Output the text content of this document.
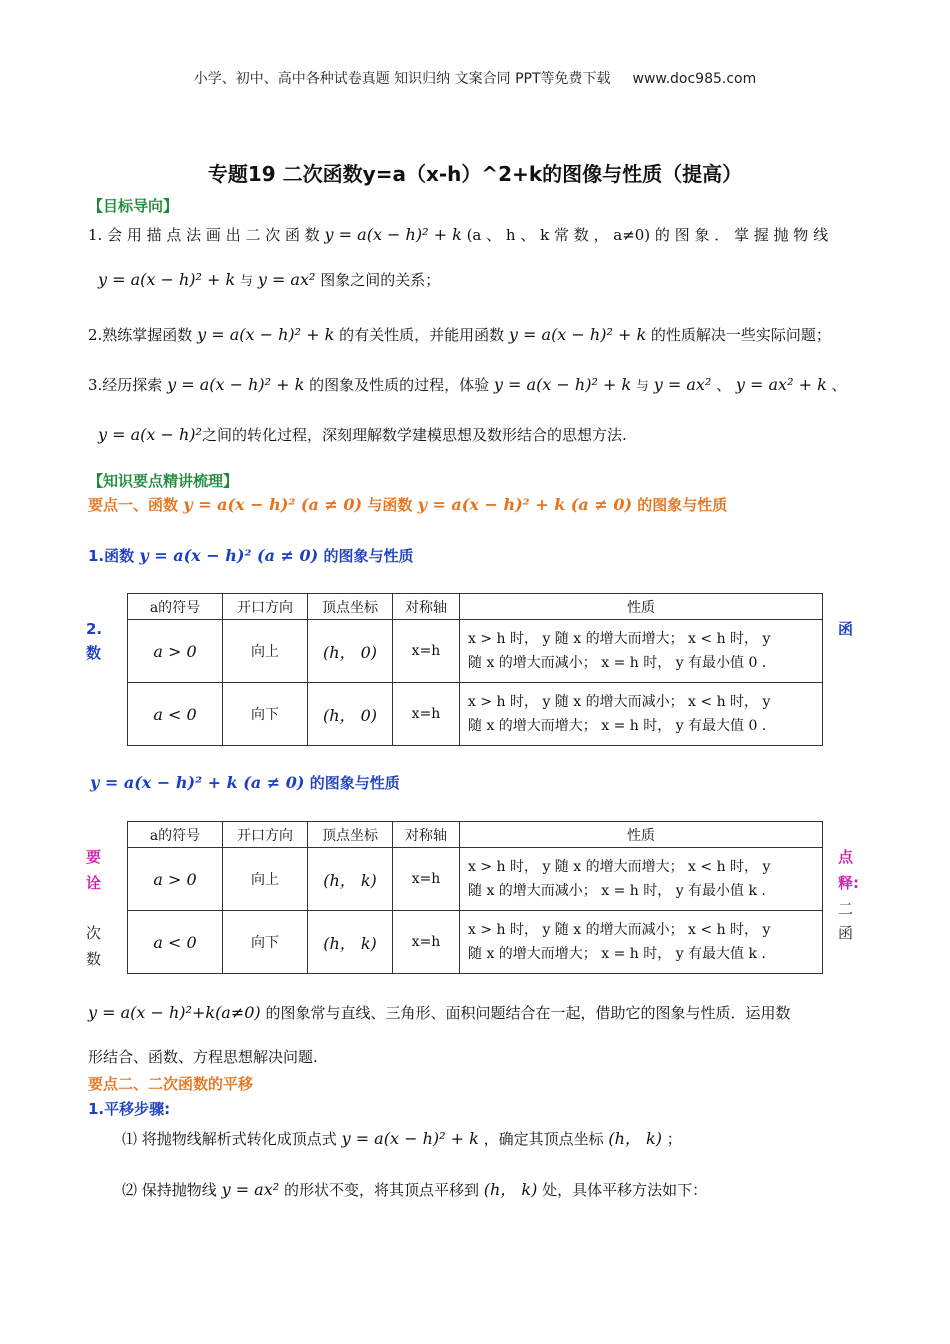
小学、初中、高中各种试卷真题 知识归纳 文案合同 PPT等免费下载 www.doc985.com
专题19 二次函数y=a（x-h）^2+k的图像与性质（提高）
【目标导向】
1. 会 用 描 点 法 画 出 二 次 函 数 y = a(x − h)² + k (a 、 h 、 k 常 数 ， a≠0) 的 图 象 ． 掌 握 抛 物 线
y = a(x − h)² + k 与 y = ax² 图象之间的关系；
2.熟练掌握函数 y = a(x − h)² + k 的有关性质，并能用函数 y = a(x − h)² + k 的性质解决一些实际问题；
3.经历探索 y = a(x − h)² + k 的图象及性质的过程，体验 y = a(x − h)² + k 与 y = ax² 、 y = ax² + k 、
y = a(x − h)²之间的转化过程，深刻理解数学建模思想及数形结合的思想方法.
【知识要点精讲梳理】
要点一、函数 y = a(x − h)² (a ≠ 0) 与函数 y = a(x − h)² + k (a ≠ 0) 的图象与性质
1.函数 y = a(x − h)² (a ≠ 0) 的图象与性质
2.
数
函
a的符号	开口方向	顶点坐标	对称轴	性质
a > 0	向上	(h， 0)	x=h	x > h 时， y 随 x 的增大而增大； x < h 时， y
随 x 的增大而减小； x = h 时， y 有最小值 0 .

a < 0	向下	(h， 0)	x=h	x > h 时， y 随 x 的增大而减小； x < h 时， y
随 x 的增大而增大； x = h 时， y 有最大值 0 .
y = a(x − h)² + k (a ≠ 0) 的图象与性质
要
诠
次
数
点
释:
二
函
a的符号	开口方向	顶点坐标	对称轴	性质
a > 0	向上	(h， k)	x=h	x > h 时， y 随 x 的增大而增大； x < h 时， y
随 x 的增大而减小； x = h 时， y 有最小值 k .

a < 0	向下	(h， k)	x=h	x > h 时， y 随 x 的增大而减小； x < h 时， y
随 x 的增大而增大； x = h 时， y 有最大值 k .
y = a(x − h)²+k(a≠0) 的图象常与直线、三角形、面积问题结合在一起，借助它的图象与性质．运用数
形结合、函数、方程思想解决问题.
要点二、二次函数的平移
1.平移步骤:
⑴ 将抛物线解析式转化成顶点式 y = a(x − h)² + k ，确定其顶点坐标 (h， k) ；
⑵ 保持抛物线 y = ax² 的形状不变，将其顶点平移到 (h， k) 处，具体平移方法如下：
